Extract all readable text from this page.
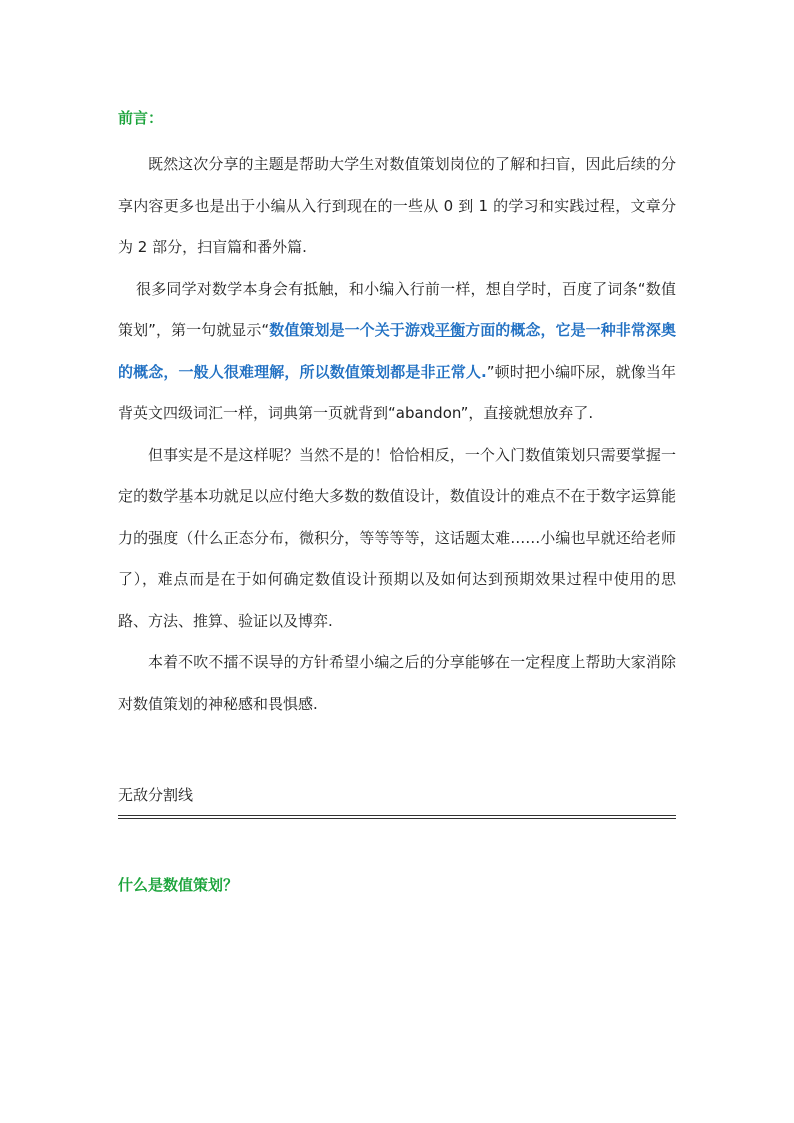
前言：

既然这次分享的主题是帮助大学生对数值策划岗位的了解和扫盲，因此后续的分享内容更多也是出于小编从入行到现在的一些从 0 到 1 的学习和实践过程，文章分为 2 部分，扫盲篇和番外篇.

很多同学对数学本身会有抵触，和小编入行前一样，想自学时，百度了词条“数值策划”，第一句就显示“数值策划是一个关于游戏平衡方面的概念，它是一种非常深奥的概念，一般人很难理解，所以数值策划都是非正常人.”顿时把小编吓尿，就像当年背英文四级词汇一样，词典第一页就背到“abandon”，直接就想放弃了.

但事实是不是这样呢？当然不是的！恰恰相反，一个入门数值策划只需要掌握一定的数学基本功就足以应付绝大多数的数值设计，数值设计的难点不在于数字运算能力的强度（什么正态分布，微积分，等等等等，这话题太难……小编也早就还给老师了），难点而是在于如何确定数值设计预期以及如何达到预期效果过程中使用的思路、方法、推算、验证以及博弈.

本着不吹不擂不误导的方针希望小编之后的分享能够在一定程度上帮助大家消除对数值策划的神秘感和畏惧感.

无敌分割线

什么是数值策划？
